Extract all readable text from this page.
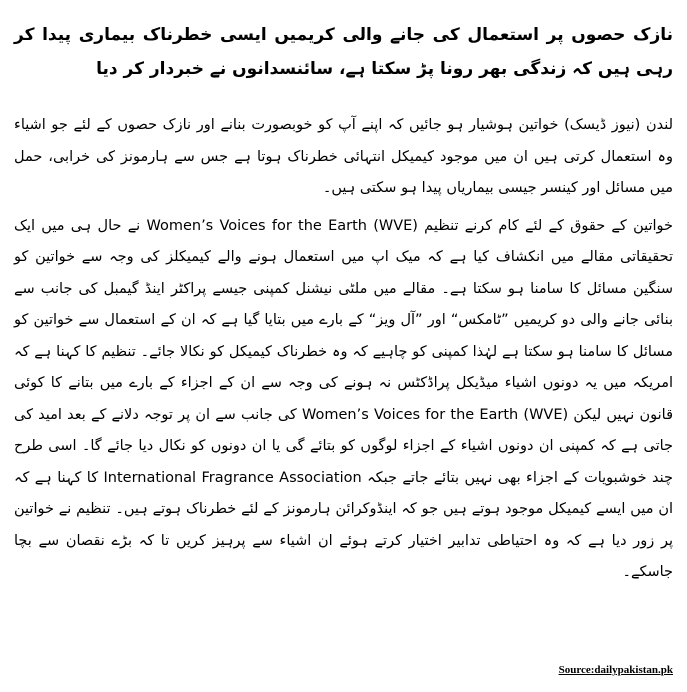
نازک حصوں پر استعمال کی جانے والی کریمیں ایسی خطرناک بیماری پیدا کر رہی ہیں کہ زندگی بھر رونا پڑ سکتا ہے، سائنسدانوں نے خبردار کر دیا

لندن (نیوز ڈیسک) خواتین ہوشیار ہو جائیں کہ اپنے آپ کو خوبصورت بنانے اور نازک حصوں کے لئے جو اشیاء وہ استعمال کرتی ہیں ان میں موجود کیمیکل انتہائی خطرناک ہوتا ہے جس سے ہارمونز کی خرابی، حمل میں مسائل اور کینسر جیسی بیماریاں پیدا ہو سکتی ہیں۔

خواتین کے حقوق کے لئے کام کرنے تنظیم Women’s Voices for the Earth (WVE) نے حال ہی میں ایک تحقیقاتی مقالے میں انکشاف کیا ہے کہ میک اپ میں استعمال ہونے والے کیمیکلز کی وجہ سے خواتین کو سنگین مسائل کا سامنا ہو سکتا ہے۔ مقالے میں ملٹی نیشنل کمپنی جیسے پراکٹر اینڈ گیمبل کی جانب سے بنائی جانے والی دو کریمیں ”ٹامکس“ اور ”آل ویز“ کے بارے میں بتایا گیا ہے کہ ان کے استعمال سے خواتین کو مسائل کا سامنا ہو سکتا ہے لہٰذا کمپنی کو چاہیے کہ وہ خطرناک کیمیکل کو نکالا جائے۔ تنظیم کا کہنا ہے کہ امریکہ میں یہ دونوں اشیاء میڈیکل پراڈکٹس نہ ہونے کی وجہ سے ان کے اجزاء کے بارے میں بتانے کا کوئی قانون نہیں لیکن Women’s Voices for the Earth (WVE) کی جانب سے ان پر توجہ دلانے کے بعد امید کی جاتی ہے کہ کمپنی ان دونوں اشیاء کے اجزاء لوگوں کو بتائے گی یا ان دونوں کو نکال دیا جائے گا۔ اسی طرح چند خوشبویات کے اجزاء بھی نہیں بتائے جاتے جبکہ International Fragrance Association کا کہنا ہے کہ ان میں ایسے کیمیکل موجود ہوتے ہیں جو کہ اینڈوکرائن ہارمونز کے لئے خطرناک ہوتے ہیں۔ تنظیم نے خواتین پر زور دیا ہے کہ وہ احتیاطی تدابیر اختیار کرتے ہوئے ان اشیاء سے پرہیز کریں تا کہ بڑے نقصان سے بچا جاسکے۔

Source:dailypakistan.pk
